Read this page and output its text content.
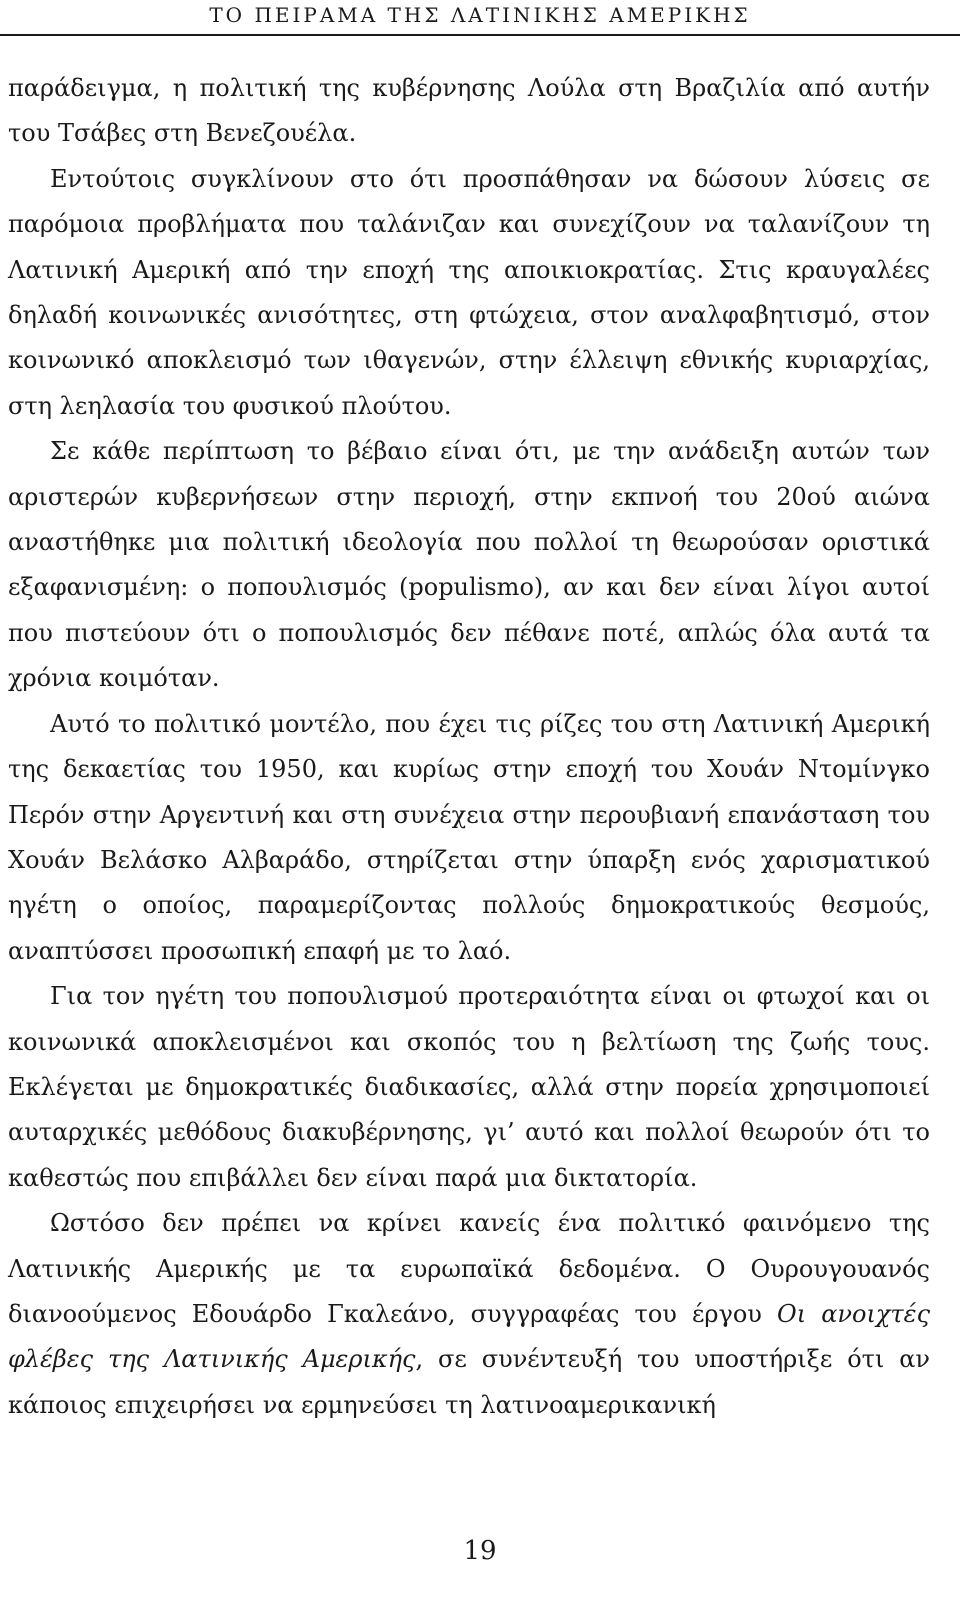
ΤΟ ΠΕΙΡΑΜΑ ΤΗΣ ΛΑΤΙΝΙΚΗΣ ΑΜΕΡΙΚΗΣ

παράδειγμα, η πολιτική της κυβέρνησης Λούλα στη Βραζιλία από αυτήν του Τσάβες στη Βενεζουέλα.

Εντούτοις συγκλίνουν στο ότι προσπάθησαν να δώσουν λύσεις σε παρόμοια προβλήματα που ταλάνιζαν και συνεχίζουν να ταλανίζουν τη Λατινική Αμερική από την εποχή της αποικιοκρατίας. Στις κραυγαλέες δηλαδή κοινωνικές ανισότητες, στη φτώχεια, στον αναλφαβητισμό, στον κοινωνικό αποκλεισμό των ιθαγενών, στην έλλειψη εθνικής κυριαρχίας, στη λεηλασία του φυσικού πλούτου.

Σε κάθε περίπτωση το βέβαιο είναι ότι, με την ανάδειξη αυτών των αριστερών κυβερνήσεων στην περιοχή, στην εκπνοή του 20ού αιώνα αναστήθηκε μια πολιτική ιδεολογία που πολλοί τη θεωρούσαν οριστικά εξαφανισμένη: ο ποπουλισμός (populismo), αν και δεν είναι λίγοι αυτοί που πιστεύουν ότι ο ποπουλισμός δεν πέθανε ποτέ, απλώς όλα αυτά τα χρόνια κοιμόταν.

Αυτό το πολιτικό μοντέλο, που έχει τις ρίζες του στη Λατινική Αμερική της δεκαετίας του 1950, και κυρίως στην εποχή του Χουάν Ντομίνγκο Περόν στην Αργεντινή και στη συνέχεια στην περουβιανή επανάσταση του Χουάν Βελάσκο Αλβαράδο, στηρίζεται στην ύπαρξη ενός χαρισματικού ηγέτη ο οποίος, παραμερίζοντας πολλούς δημοκρατικούς θεσμούς, αναπτύσσει προσωπική επαφή με το λαό.

Για τον ηγέτη του ποπουλισμού προτεραιότητα είναι οι φτωχοί και οι κοινωνικά αποκλεισμένοι και σκοπός του η βελτίωση της ζωής τους. Εκλέγεται με δημοκρατικές διαδικασίες, αλλά στην πορεία χρησιμοποιεί αυταρχικές μεθόδους διακυβέρνησης, γι’ αυτό και πολλοί θεωρούν ότι το καθεστώς που επιβάλλει δεν είναι παρά μια δικτατορία.

Ωστόσο δεν πρέπει να κρίνει κανείς ένα πολιτικό φαινόμενο της Λατινικής Αμερικής με τα ευρωπαϊκά δεδομένα. Ο Ουρουγουανός διανοούμενος Εδουάρδο Γκαλεάνο, συγγραφέας του έργου Οι ανοιχτές φλέβες της Λατινικής Αμερικής, σε συνέντευξή του υποστήριξε ότι αν κάποιος επιχειρήσει να ερμηνεύσει τη λατινοαμερικανική

19
